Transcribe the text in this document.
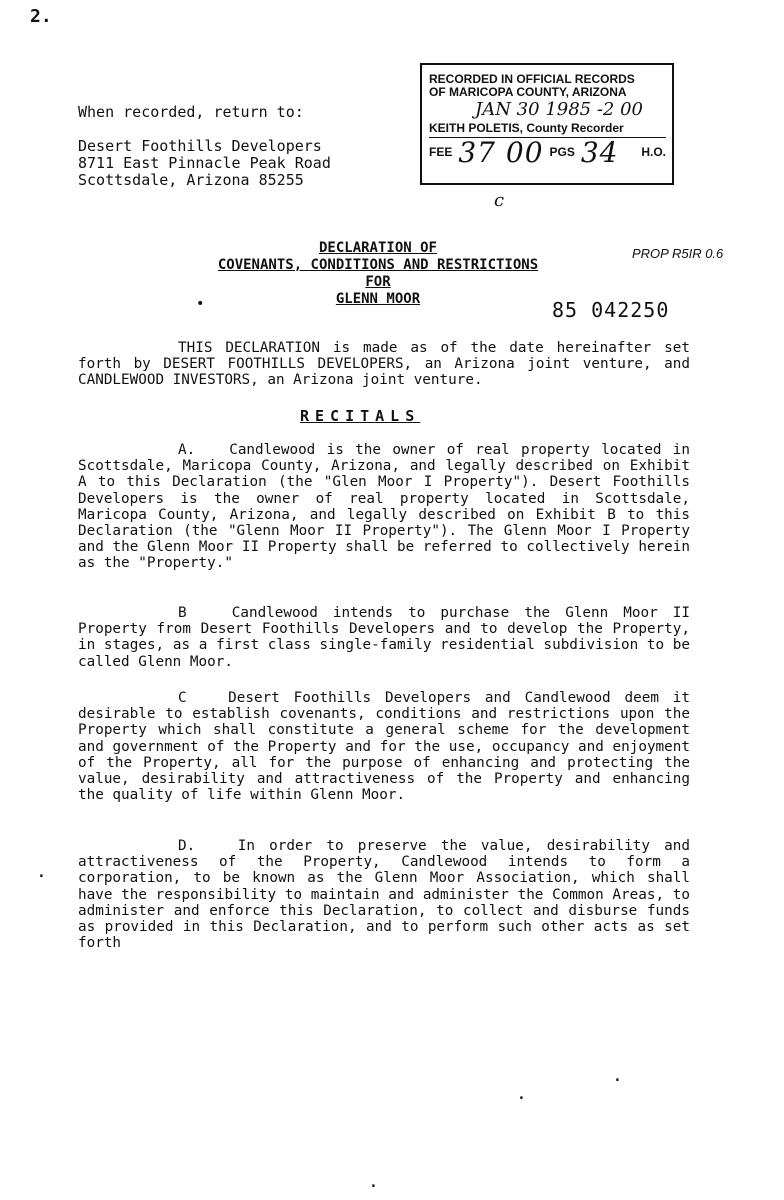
2.
When recorded, return to:
Desert Foothills Developers
8711 East Pinnacle Peak Road
Scottsdale, Arizona 85255
RECORDED IN OFFICIAL RECORDS
OF MARICOPA COUNTY, ARIZONA
JAN 30 1985 -2 00
KEITH POLETIS, County Recorder
FEE 37 00 PGS 34 H.O.
c
PROP R5IR 0.6
DECLARATION OF
COVENANTS, CONDITIONS AND RESTRICTIONS
FOR
GLENN MOOR
•	85 042250
THIS DECLARATION is made as of the date hereinafter set forth by DESERT FOOTHILLS DEVELOPERS, an Arizona joint venture, and CANDLEWOOD INVESTORS, an Arizona joint venture.
RECITALS
A. Candlewood is the owner of real property located in Scottsdale, Maricopa County, Arizona, and legally described on Exhibit A to this Declaration (the "Glen Moor I Property"). Desert Foothills Developers is the owner of real property located in Scottsdale, Maricopa County, Arizona, and legally described on Exhibit B to this Declaration (the "Glenn Moor II Property"). The Glenn Moor I Property and the Glenn Moor II Property shall be referred to collectively herein as the "Property."
B	Candlewood intends to purchase the Glenn Moor II Property from Desert Foothills Developers and to develop the Property, in stages, as a first class single-family residential subdivision to be called Glenn Moor.
C	Desert Foothills Developers and Candlewood deem it desirable to establish covenants, conditions and restrictions upon the Property which shall constitute a general scheme for the development and government of the Property and for the use, occupancy and enjoyment of the Property, all for the purpose of enhancing and protecting the value, desirability and attractiveness of the Property and enhancing the quality of life within Glenn Moor.
D.	In order to preserve the value, desirability and attractiveness of the Property, Candlewood intends to form a corporation, to be known as the Glenn Moor Association, which shall have the responsibility to maintain and administer the Common Areas, to administer and enforce this Declaration, to collect and disburse funds as provided in this Declaration, and to perform such other acts as set forth
·
·
·
·
